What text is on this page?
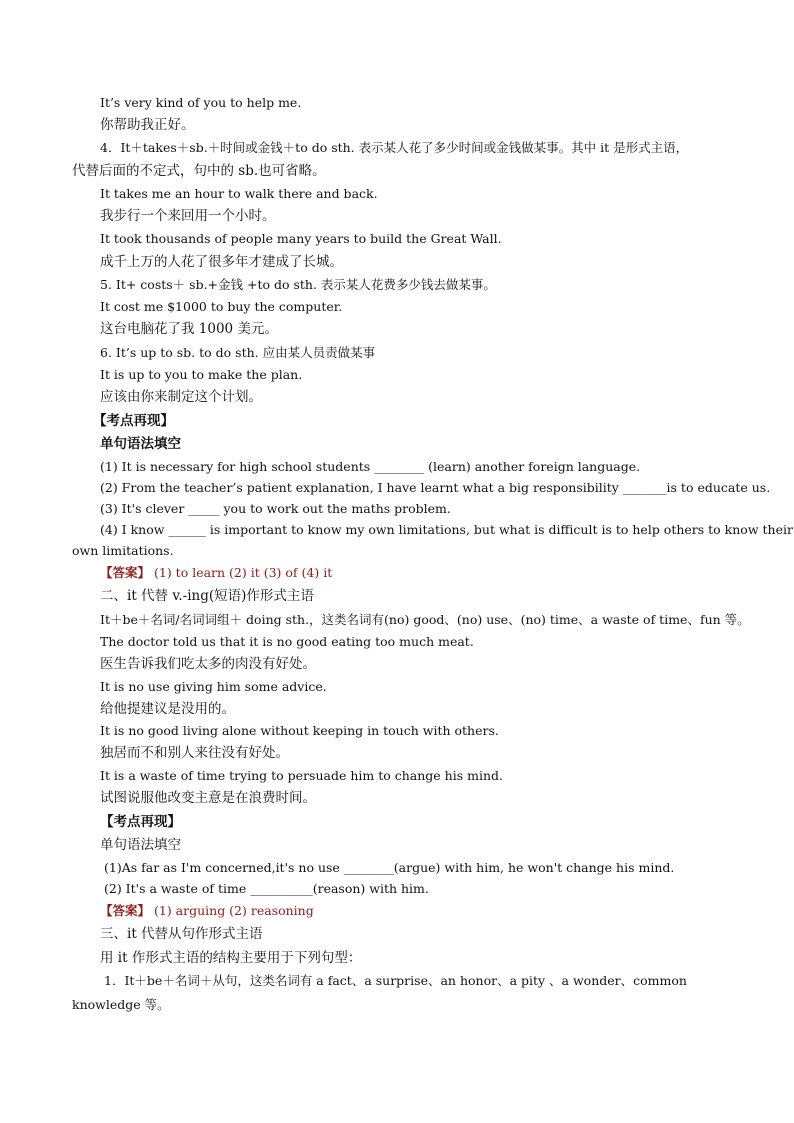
It’s very kind of you to help me.
你帮助我正好。
4．It＋takes＋sb.＋时间或金钱＋to do sth. 表示某人花了多少时间或金钱做某事。其中 it 是形式主语，
代替后面的不定式，句中的 sb.也可省略。
It takes me an hour to walk there and back.
我步行一个来回用一个小时。
It took thousands of people many years to build the Great Wall.
成千上万的人花了很多年才建成了长城。
5. It+ costs＋ sb.+金钱 +to do sth. 表示某人花费多少钱去做某事。
It cost me $1000 to buy the computer.
这台电脑花了我 1000 美元。
6. It’s up to sb. to do sth. 应由某人员责做某事
It is up to you to make the plan.
应该由你来制定这个计划。
【考点再现】
单句语法填空
(1) It is necessary for high school students ________ (learn) another foreign language.
(2) From the teacher’s patient explanation, I have learnt what a big responsibility _______is to educate us.
(3) It's clever _____ you to work out the maths problem.
(4) I know ______ is important to know my own limitations, but what is difficult is to help others to know their
own limitations.
【答案】 (1) to learn (2) it (3) of (4) it
二、it 代替 v.-ing(短语)作形式主语
It＋be＋名词/名词词组＋ doing sth.，这类名词有(no) good、(no) use、(no) time、a waste of time、fun 等。
The doctor told us that it is no good eating too much meat.
医生告诉我们吃太多的肉没有好处。
It is no use giving him some advice.
给他提建议是没用的。
It is no good living alone without keeping in touch with others.
独居而不和别人来往没有好处。
It is a waste of time trying to persuade him to change his mind.
试图说服他改变主意是在浪费时间。
【考点再现】
单句语法填空
(1)As far as I'm concerned,it's no use ________(argue) with him, he won't change his mind.
(2) It's a waste of time __________(reason) with him.
【答案】 (1) arguing (2) reasoning
三、it 代替从句作形式主语
用 it 作形式主语的结构主要用于下列句型：
1．It＋be＋名词＋从句，这类名词有 a fact、a surprise、an honor、a pity 、a wonder、common
knowledge 等。
